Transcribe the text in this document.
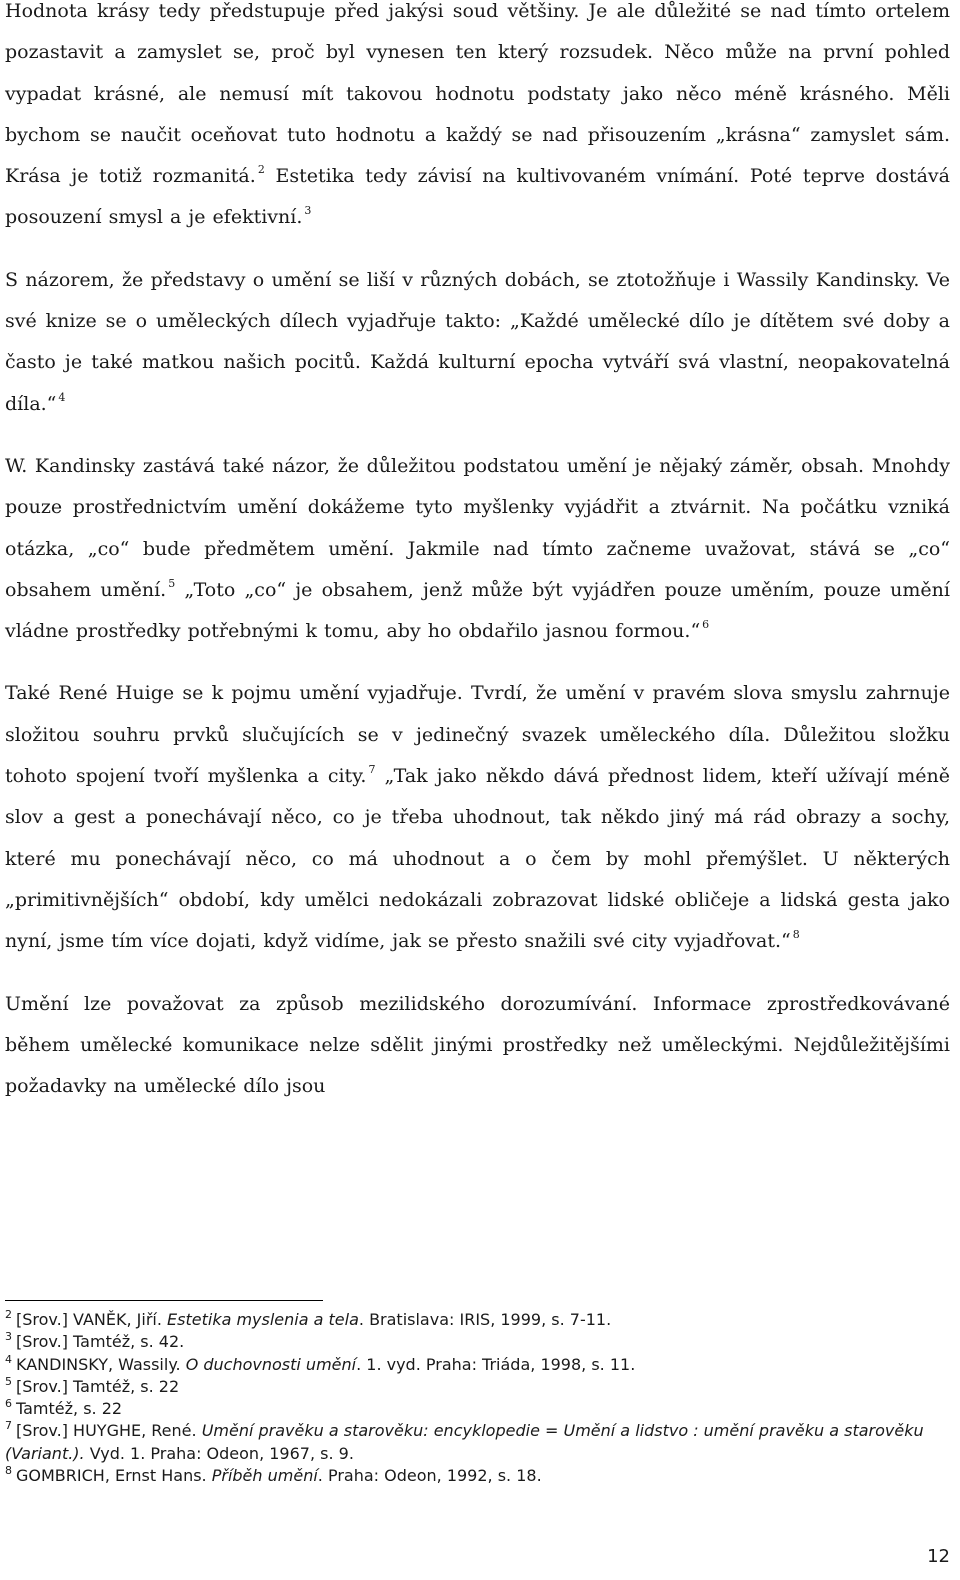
Hodnota krásy tedy předstupuje před jakýsi soud většiny. Je ale důležité se nad tímto ortelem pozastavit a zamyslet se, proč byl vynesen ten který rozsudek. Něco může na první pohled vypadat krásné, ale nemusí mít takovou hodnotu podstaty jako něco méně krásného. Měli bychom se naučit oceňovat tuto hodnotu a každý se nad přisouzením „krásna“ zamyslet sám. Krása je totiž rozmanitá. $^2$ Estetika tedy závisí na kultivovaném vnímání. Poté teprve dostává posouzení smysl a je efektivní. $^3$

S názorem, že představy o umění se liší v různých dobách, se ztotožňuje i Wassily Kandinsky. Ve své knize se o uměleckých dílech vyjadřuje takto: „Každé umělecké dílo je dítětem své doby a často je také matkou našich pocitů. Každá kulturní epocha vytváří svá vlastní, neopakovatelná díla.“ $^4$

W. Kandinsky zastává také názor, že důležitou podstatou umění je nějaký záměr, obsah. Mnohdy pouze prostřednictvím umění dokážeme tyto myšlenky vyjádřit a ztvárnit. Na počátku vzniká otázka, „co“ bude předmětem umění. Jakmile nad tímto začneme uvažovat, stává se „co“ obsahem umění. $^5$ „Toto „co“ je obsahem, jenž může být vyjádřen pouze uměním, pouze umění vládne prostředky potřebnými k tomu, aby ho obdařilo jasnou formou.“ $^6$

Také René Huige se k pojmu umění vyjadřuje. Tvrdí, že umění v pravém slova smyslu zahrnuje složitou souhru prvků slučujících se v jedinečný svazek uměleckého díla. Důležitou složku tohoto spojení tvoří myšlenka a city. $^7$ „Tak jako někdo dává přednost lidem, kteří užívají méně slov a gest a ponechávají něco, co je třeba uhodnout, tak někdo jiný má rád obrazy a sochy, které mu ponechávají něco, co má uhodnout a o čem by mohl přemýšlet. U některých „primitivnějších“ období, kdy umělci nedokázali zobrazovat lidské obličeje a lidská gesta jako nyní, jsme tím více dojati, když vidíme, jak se přesto snažili své city vyjadřovat.“ $^8$

Umění lze považovat za způsob mezilidského dorozumívání. Informace zprostředkovávané během umělecké komunikace nelze sdělit jinými prostředky než uměleckými. Nejdůležitějšími požadavky na umělecké dílo jsou

$^2$ [Srov.] VANĚK, Jiří. Estetika myslenia a tela. Bratislava: IRIS, 1999, s. 7-11.

$^3$ [Srov.] Tamtéž, s. 42.

$^4$ KANDINSKY, Wassily. O duchovnosti umění. 1. vyd. Praha: Triáda, 1998, s. 11.

$^5$ [Srov.] Tamtéž, s. 22

$^6$ Tamtéž, s. 22

$^7$ [Srov.] HUYGHE, René. Umění pravěku a starověku: encyklopedie = Umění a lidstvo : umění pravěku a starověku (Variant.). Vyd. 1. Praha: Odeon, 1967, s. 9.

$^8$ GOMBRICH, Ernst Hans. Příběh umění. Praha: Odeon, 1992, s. 18.

12
